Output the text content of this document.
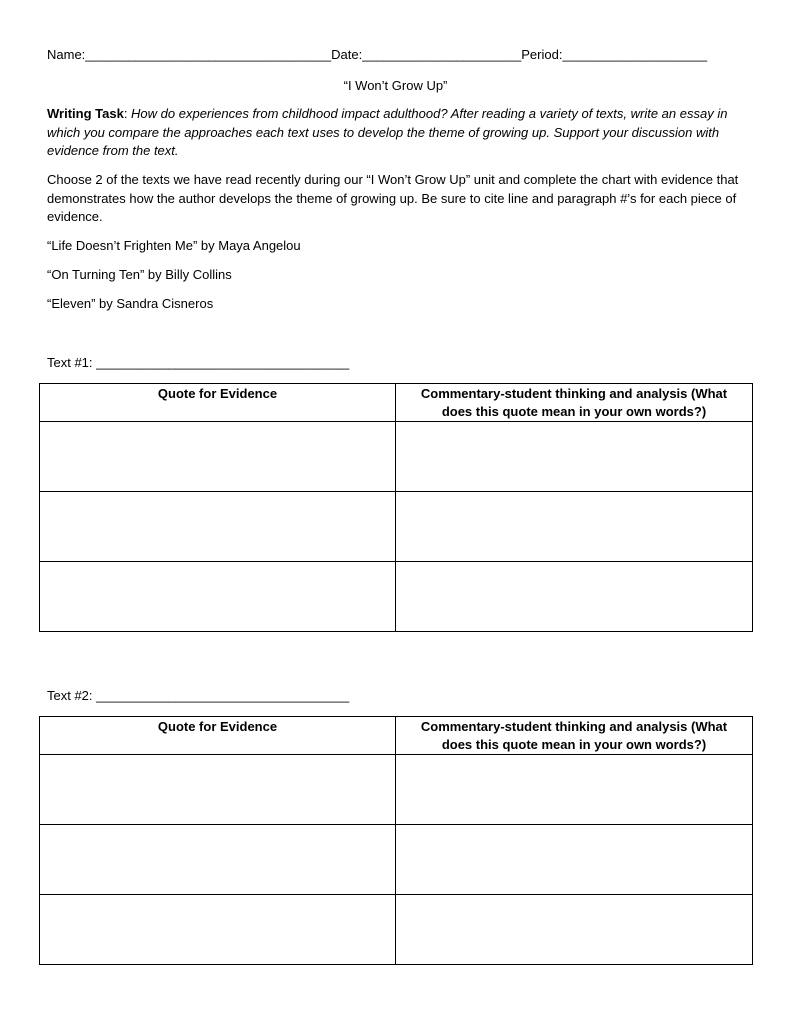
Name:__________________________________Date:______________________Period:____________________
“I Won’t Grow Up”
Writing Task: How do experiences from childhood impact adulthood? After reading a variety of texts, write an essay in which you compare the approaches each text uses to develop the theme of growing up. Support your discussion with evidence from the text.
Choose 2 of the texts we have read recently during our “I Won’t Grow Up” unit and complete the chart with evidence that demonstrates how the author develops the theme of growing up. Be sure to cite line and paragraph #’s for each piece of evidence.
“Life Doesn’t Frighten Me” by Maya Angelou
“On Turning Ten” by Billy Collins
“Eleven” by Sandra Cisneros
Text #1: ___________________________________
Quote for Evidence	Commentary-student thinking and analysis (What does this quote mean in your own words?)

Text #2: ___________________________________
Quote for Evidence	Commentary-student thinking and analysis (What does this quote mean in your own words?)
